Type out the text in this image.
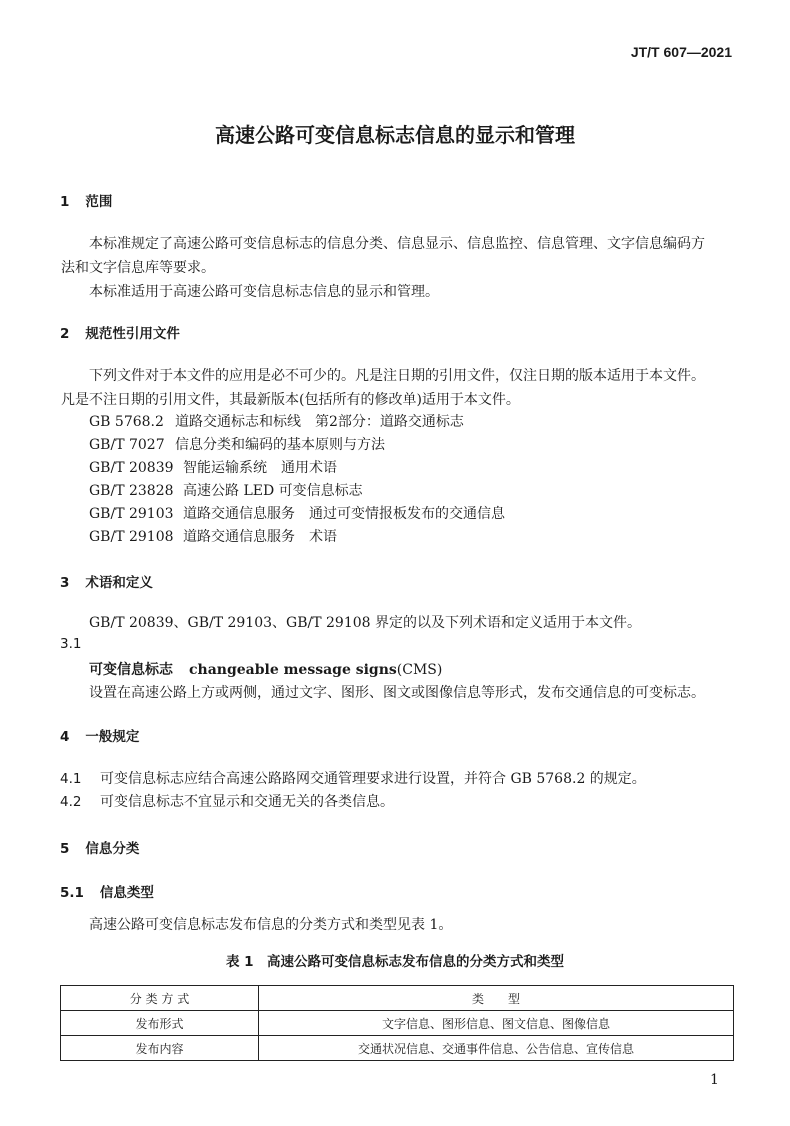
JT/T 607—2021
高速公路可变信息标志信息的显示和管理
1 范围
本标准规定了高速公路可变信息标志的信息分类、信息显示、信息监控、信息管理、文字信息编码方
法和文字信息库等要求。
本标准适用于高速公路可变信息标志信息的显示和管理。
2 规范性引用文件
下列文件对于本文件的应用是必不可少的。凡是注日期的引用文件，仅注日期的版本适用于本文件。
凡是不注日期的引用文件，其最新版本(包括所有的修改单)适用于本文件。
GB 5768.2 道路交通标志和标线　第2部分：道路交通标志
GB/T 7027 信息分类和编码的基本原则与方法
GB/T 20839 智能运输系统　通用术语
GB/T 23828 高速公路 LED 可变信息标志
GB/T 29103 道路交通信息服务　通过可变情报板发布的交通信息
GB/T 29108 道路交通信息服务　术语
3 术语和定义
GB/T 20839、GB/T 29103、GB/T 29108 界定的以及下列术语和定义适用于本文件。
3.1
可变信息标志 changeable message signs(CMS)
设置在高速公路上方或两侧，通过文字、图形、图文或图像信息等形式，发布交通信息的可变标志。
4 一般规定
4.1 可变信息标志应结合高速公路路网交通管理要求进行设置，并符合 GB 5768.2 的规定。
4.2 可变信息标志不宜显示和交通无关的各类信息。
5 信息分类
5.1 信息类型
高速公路可变信息标志发布信息的分类方式和类型见表 1。
表 1　高速公路可变信息标志发布信息的分类方式和类型
分 类 方 式	类　　型
发布形式	文字信息、图形信息、图文信息、图像信息
发布内容	交通状况信息、交通事件信息、公告信息、宣传信息
1
